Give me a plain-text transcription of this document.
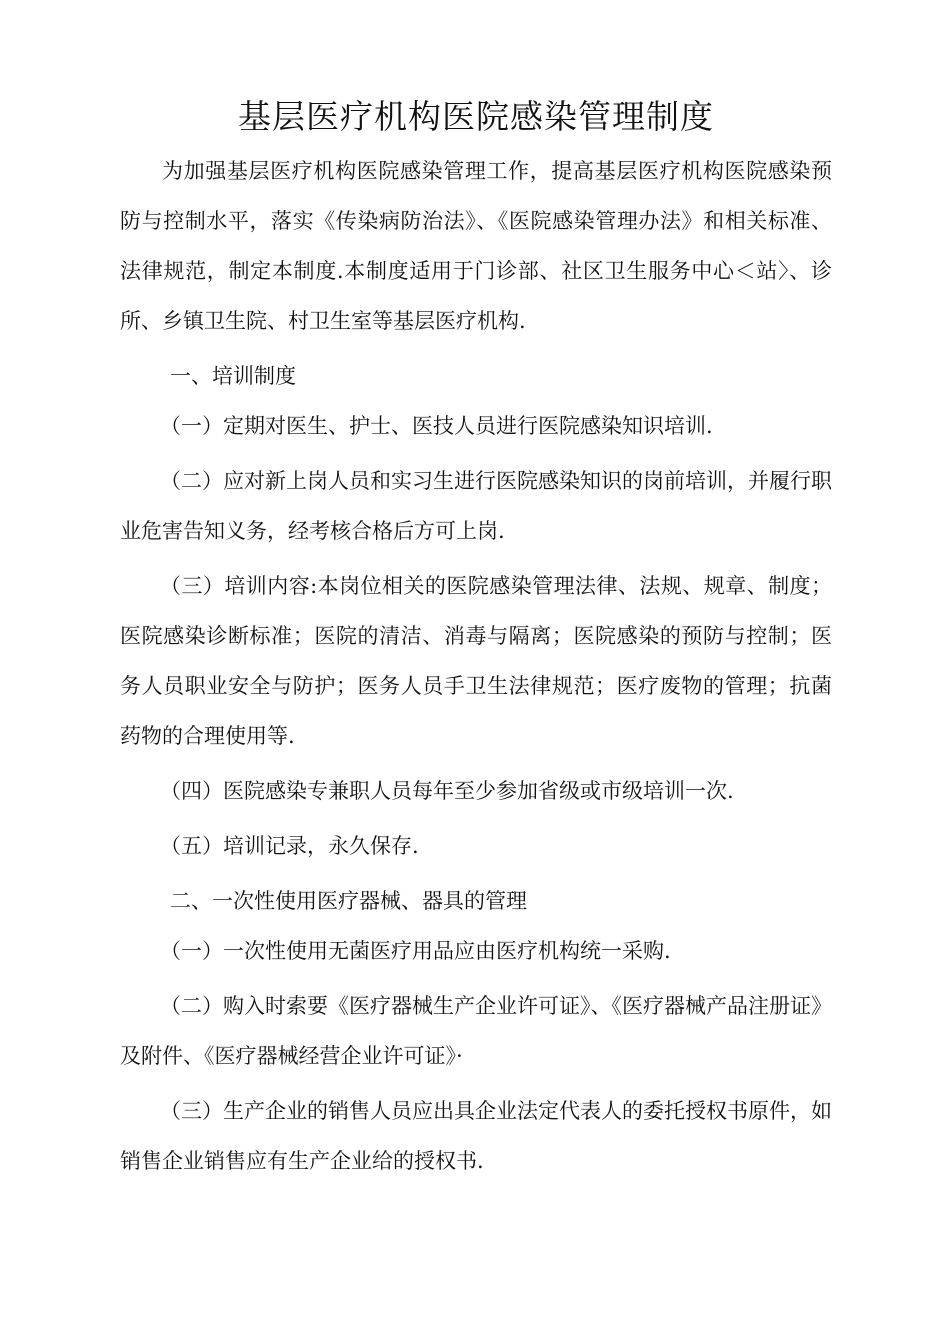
基层医疗机构医院感染管理制度

为加强基层医疗机构医院感染管理工作，提高基层医疗机构医院感染预防与控制水平，落实《传染病防治法》、《医院感染管理办法》和相关标准、法律规范，制定本制度.本制度适用于门诊部、社区卫生服务中心＜站〉、诊所、乡镇卫生院、村卫生室等基层医疗机构.

一、培训制度

（一）定期对医生、护士、医技人员进行医院感染知识培训.

（二）应对新上岗人员和实习生进行医院感染知识的岗前培训，并履行职业危害告知义务，经考核合格后方可上岗.

（三）培训内容:本岗位相关的医院感染管理法律、法规、规章、制度；医院感染诊断标准；医院的清洁、消毒与隔离；医院感染的预防与控制；医务人员职业安全与防护；医务人员手卫生法律规范；医疗废物的管理；抗菌药物的合理使用等.

（四）医院感染专兼职人员每年至少参加省级或市级培训一次.

（五）培训记录，永久保存.

二、一次性使用医疗器械、器具的管理

（一）一次性使用无菌医疗用品应由医疗机构统一采购.

（二）购入时索要《医疗器械生产企业许可证》、《医疗器械产品注册证》及附件、《医疗器械经营企业许可证》·

（三）生产企业的销售人员应出具企业法定代表人的委托授权书原件，如销售企业销售应有生产企业给的授权书.
